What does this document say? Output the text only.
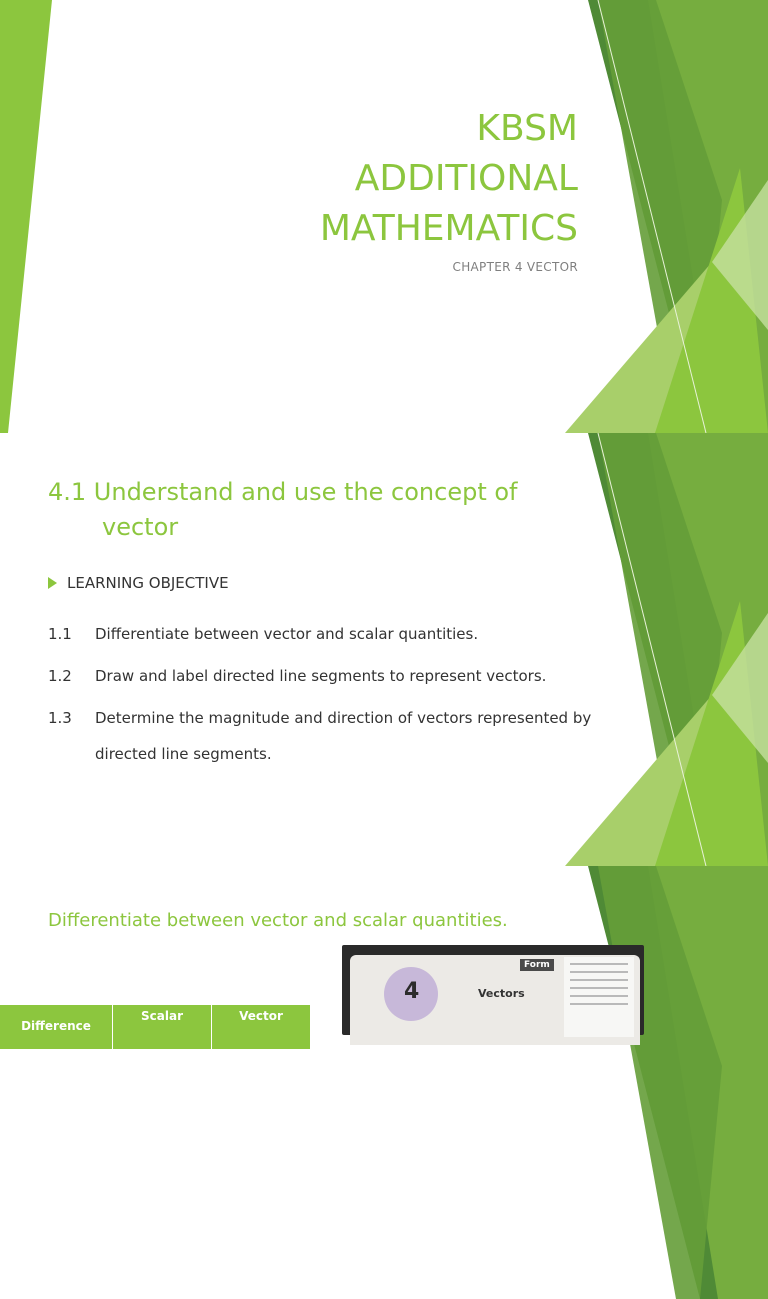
KBSM
ADDITIONAL
MATHEMATICS
CHAPTER 4 VECTOR
4.1 Understand and use the concept of
vector
LEARNING OBJECTIVE
1.1	Differentiate between vector and scalar quantities.
1.2	Draw and label directed line segments to represent vectors.
1.3	Determine the magnitude and direction of vectors represented by directed line segments.
Differentiate between vector and scalar quantities.
4
Form
Vectors
Difference	Scalar	Vector
